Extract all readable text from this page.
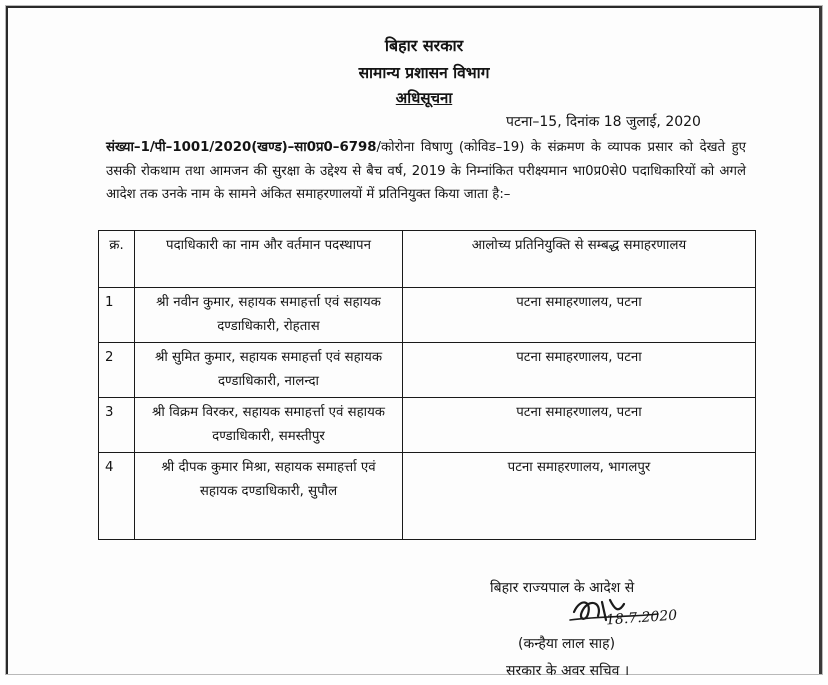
बिहार सरकार
सामान्य प्रशासन विभाग
अधिसूचना
पटना–15, दिनांक 18 जुलाई, 2020
संख्या–1/पी–1001/2020(खण्ड)–सा0प्र0–6798/कोरोना विषाणु (कोविड–19) के संक्रमण के व्यापक प्रसार को देखते हुए उसकी रोकथाम तथा आमजन की सुरक्षा के उद्देश्य से बैच वर्ष, 2019 के निम्नांकित परीक्ष्यमान भा0प्र0से0 पदाधिकारियों को अगले आदेश तक उनके नाम के सामने अंकित समाहरणालयों में प्रतिनियुक्त किया जाता है:–
क्र.	पदाधिकारी का नाम और वर्तमान पदस्थापन	आलोच्य प्रतिनियुक्ति से सम्बद्ध समाहरणालय
1	श्री नवीन कुमार, सहायक समाहर्त्ता एवं सहायक दण्डाधिकारी, रोहतास	पटना समाहरणालय, पटना
2	श्री सुमित कुमार, सहायक समाहर्त्ता एवं सहायक दण्डाधिकारी, नालन्दा	पटना समाहरणालय, पटना
3	श्री विक्रम विरकर, सहायक समाहर्त्ता एवं सहायक दण्डाधिकारी, समस्तीपुर	पटना समाहरणालय, पटना
4	श्री दीपक कुमार मिश्रा, सहायक समाहर्त्ता एवं सहायक दण्डाधिकारी, सुपौल	पटना समाहरणालय, भागलपुर
बिहार राज्यपाल के आदेश से
18.7.2020
(कन्हैया लाल साह)
सरकार के अवर सचिव ।
